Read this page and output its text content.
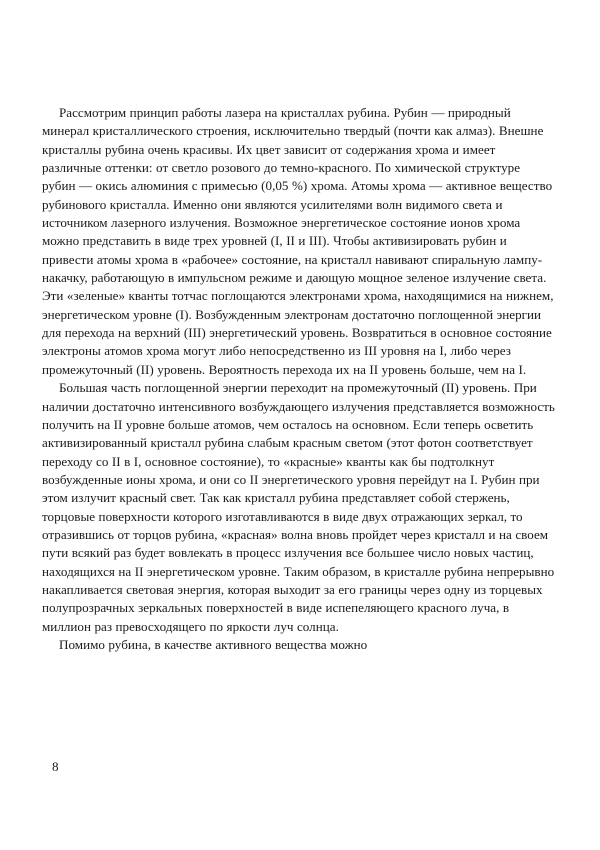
Рассмотрим принцип работы лазера на кристаллах рубина. Рубин — природный минерал кристаллического строения, исключительно твердый (почти как алмаз). Внешне кристаллы рубина очень красивы. Их цвет зависит от содержания хрома и имеет различные оттенки: от светло розового до темно-красного. По химической структуре рубин — окись алюминия с примесью (0,05 %) хрома. Атомы хрома — активное вещество рубинового кристалла. Именно они являются усилителями волн видимого света и источником лазерного излучения. Возможное энергетическое состояние ионов хрома можно представить в виде трех уровней (I, II и III). Чтобы активизировать рубин и привести атомы хрома в «рабочее» состояние, на кристалл навивают спиральную лампу-накачку, работающую в импульсном режиме и дающую мощное зеленое излучение света. Эти «зеленые» кванты тотчас поглощаются электронами хрома, находящимися на нижнем, энергетическом уровне (I). Возбужденным электронам достаточно поглощенной энергии для перехода на верхний (III) энергетический уровень. Возвратиться в основное состояние электроны атомов хрома могут либо непосредственно из III уровня на I, либо через промежуточный (II) уровень. Вероятность перехода их на II уровень больше, чем на I.

Большая часть поглощенной энергии переходит на промежуточный (II) уровень. При наличии достаточно интенсивного возбуждающего излучения представляется возможность получить на II уровне больше атомов, чем осталось на основном. Если теперь осветить активизированный кристалл рубина слабым красным светом (этот фотон соответствует переходу со II в I, основное состояние), то «красные» кванты как бы подтолкнут возбужденные ионы хрома, и они со II энергетического уровня перейдут на I. Рубин при этом излучит красный свет. Так как кристалл рубина представляет собой стержень, торцовые поверхности которого изготавливаются в виде двух отражающих зеркал, то отразившись от торцов рубина, «красная» волна вновь пройдет через кристалл и на своем пути всякий раз будет вовлекать в процесс излучения все большее число новых частиц, находящихся на II энергетическом уровне. Таким образом, в кристалле рубина непрерывно накапливается световая энергия, которая выходит за его границы через одну из торцевых полупрозрачных зеркальных поверхностей в виде испепеляющего красного луча, в миллион раз превосходящего по яркости луч солнца.

Помимо рубина, в качестве активного вещества можно

8
